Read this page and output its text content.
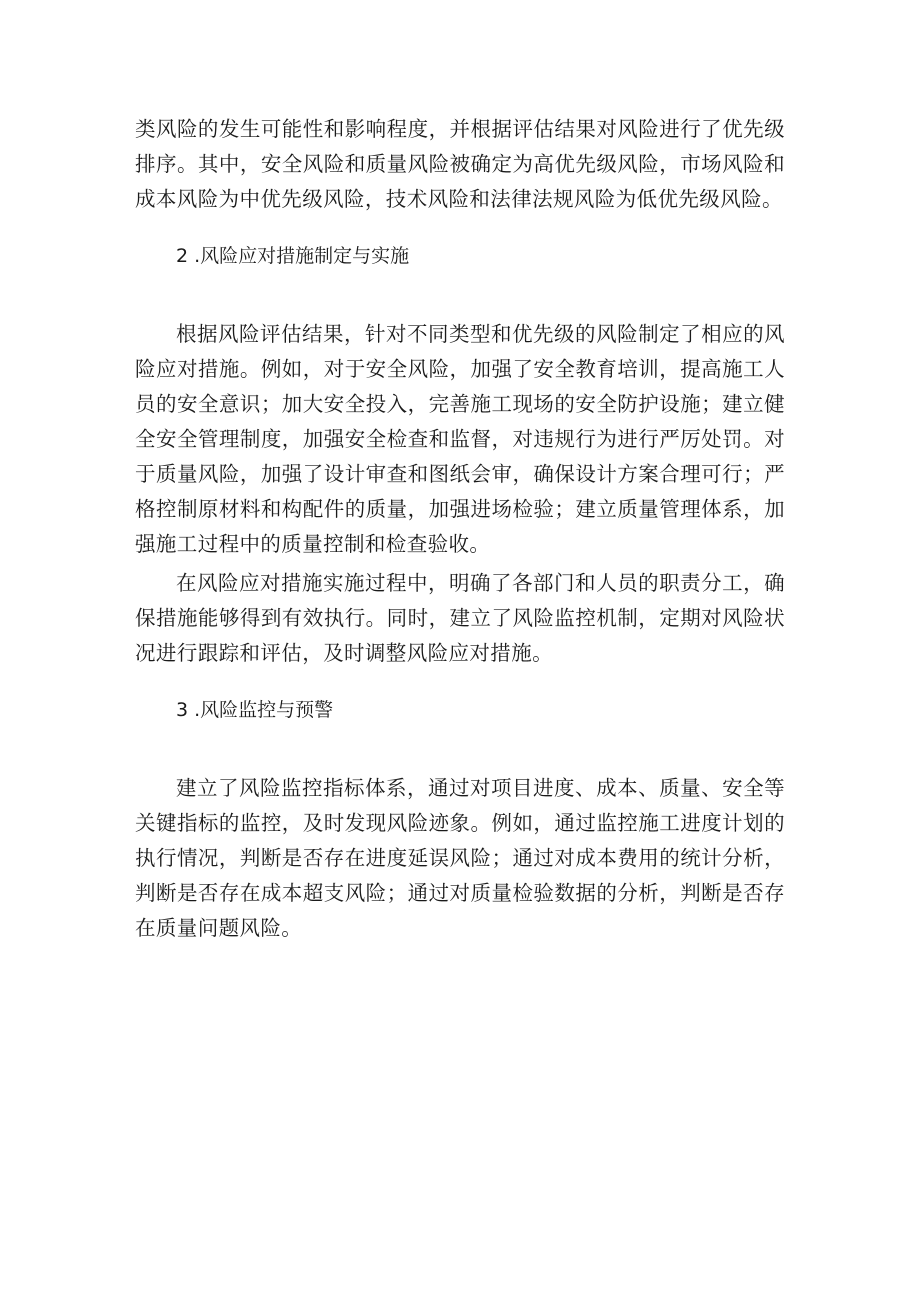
类风险的发生可能性和影响程度，并根据评估结果对风险进行了优先级排序。其中，安全风险和质量风险被确定为高优先级风险，市场风险和成本风险为中优先级风险，技术风险和法律法规风险为低优先级风险。

2 .风险应对措施制定与实施

根据风险评估结果，针对不同类型和优先级的风险制定了相应的风险应对措施。例如，对于安全风险，加强了安全教育培训，提高施工人员的安全意识；加大安全投入，完善施工现场的安全防护设施；建立健全安全管理制度，加强安全检查和监督，对违规行为进行严厉处罚。对于质量风险，加强了设计审查和图纸会审，确保设计方案合理可行；严格控制原材料和构配件的质量，加强进场检验；建立质量管理体系，加强施工过程中的质量控制和检查验收。

在风险应对措施实施过程中，明确了各部门和人员的职责分工，确保措施能够得到有效执行。同时，建立了风险监控机制，定期对风险状况进行跟踪和评估，及时调整风险应对措施。

3 .风险监控与预警

建立了风险监控指标体系，通过对项目进度、成本、质量、安全等关键指标的监控，及时发现风险迹象。例如，通过监控施工进度计划的执行情况，判断是否存在进度延误风险；通过对成本费用的统计分析，判断是否存在成本超支风险；通过对质量检验数据的分析，判断是否存在质量问题风险。
